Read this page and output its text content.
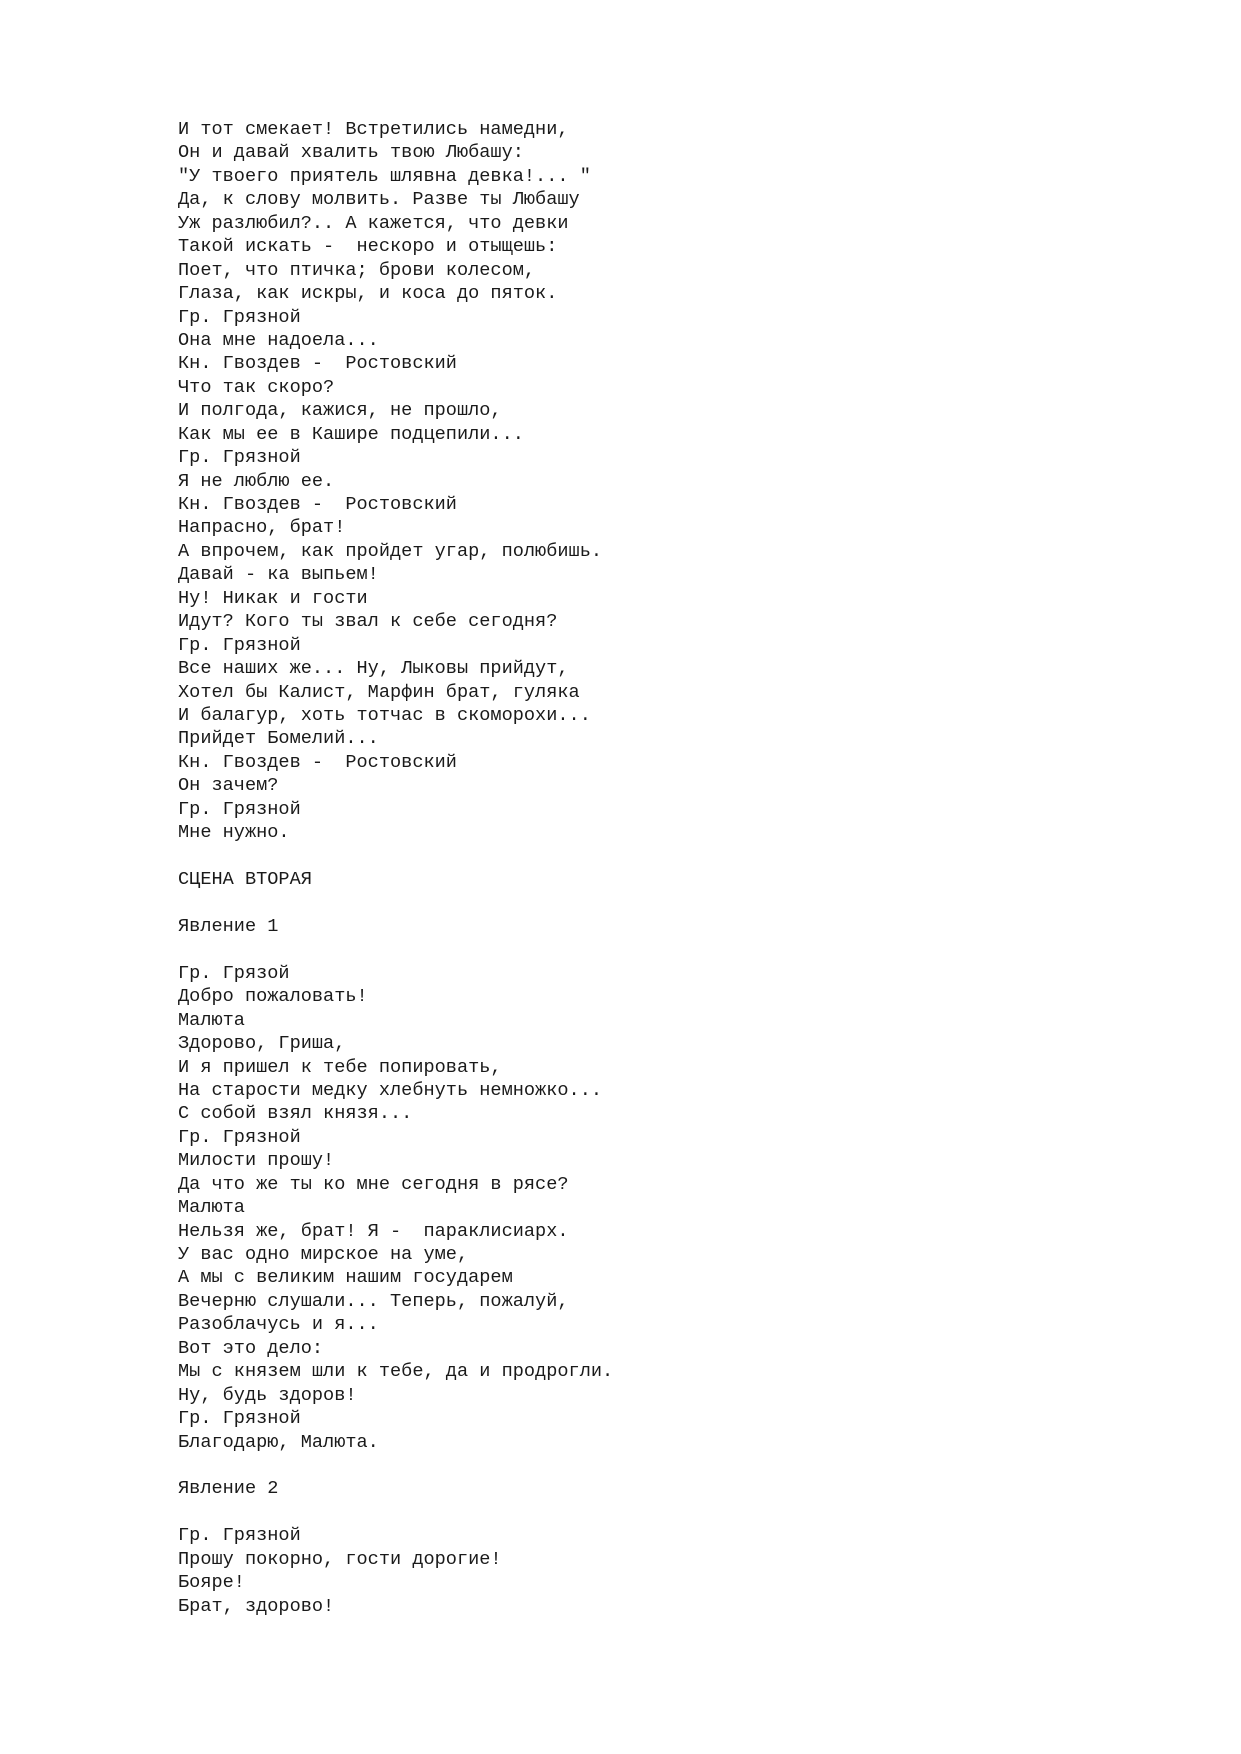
И тот смекает! Встретились намедни,
Он и давай хвалить твою Любашу:
"У твоего приятель шлявна девка!... "
Да, к слову молвить. Разве ты Любашу
Уж разлюбил?.. А кажется, что девки
Такой искать -  нескоро и отыщешь:
Поет, что птичка; брови колесом,
Глаза, как искры, и коса до пяток.
Гр. Грязной
Она мне надоела...
Кн. Гвоздев -  Ростовский
Что так скоро?
И полгода, кажися, не прошло,
Как мы ее в Кашире подцепили...
Гр. Грязной
Я не люблю ее.
Кн. Гвоздев -  Ростовский
Напрасно, брат!
А впрочем, как пройдет угар, полюбишь.
Давай - ка выпьем!
Ну! Никак и гости
Идут? Кого ты звал к себе сегодня?
Гр. Грязной
Все наших же... Ну, Лыковы прийдут,
Хотел бы Калист, Марфин брат, гуляка
И балагур, хоть тотчас в скоморохи...
Прийдет Бомелий...
Кн. Гвоздев -  Ростовский
Он зачем?
Гр. Грязной
Мне нужно.
СЦЕНА ВТОРАЯ
Явление 1
Гр. Грязой
Добро пожаловать!
Малюта
Здорово, Гриша,
И я пришел к тебе попировать,
На старости медку хлебнуть немножко...
С собой взял князя...
Гр. Грязной
Милости прошу!
Да что же ты ко мне сегодня в рясе?
Малюта
Нельзя же, брат! Я -  параклисиарх.
У вас одно мирское на уме,
А мы с великим нашим государем
Вечерню слушали... Теперь, пожалуй,
Разоблачусь и я...
Вот это дело:
Мы с князем шли к тебе, да и продрогли.
Ну, будь здоров!
Гр. Грязной
Благодарю, Малюта.
Явление 2
Гр. Грязной
Прошу покорно, гости дорогие!
Бояре!
Брат, здорово!
